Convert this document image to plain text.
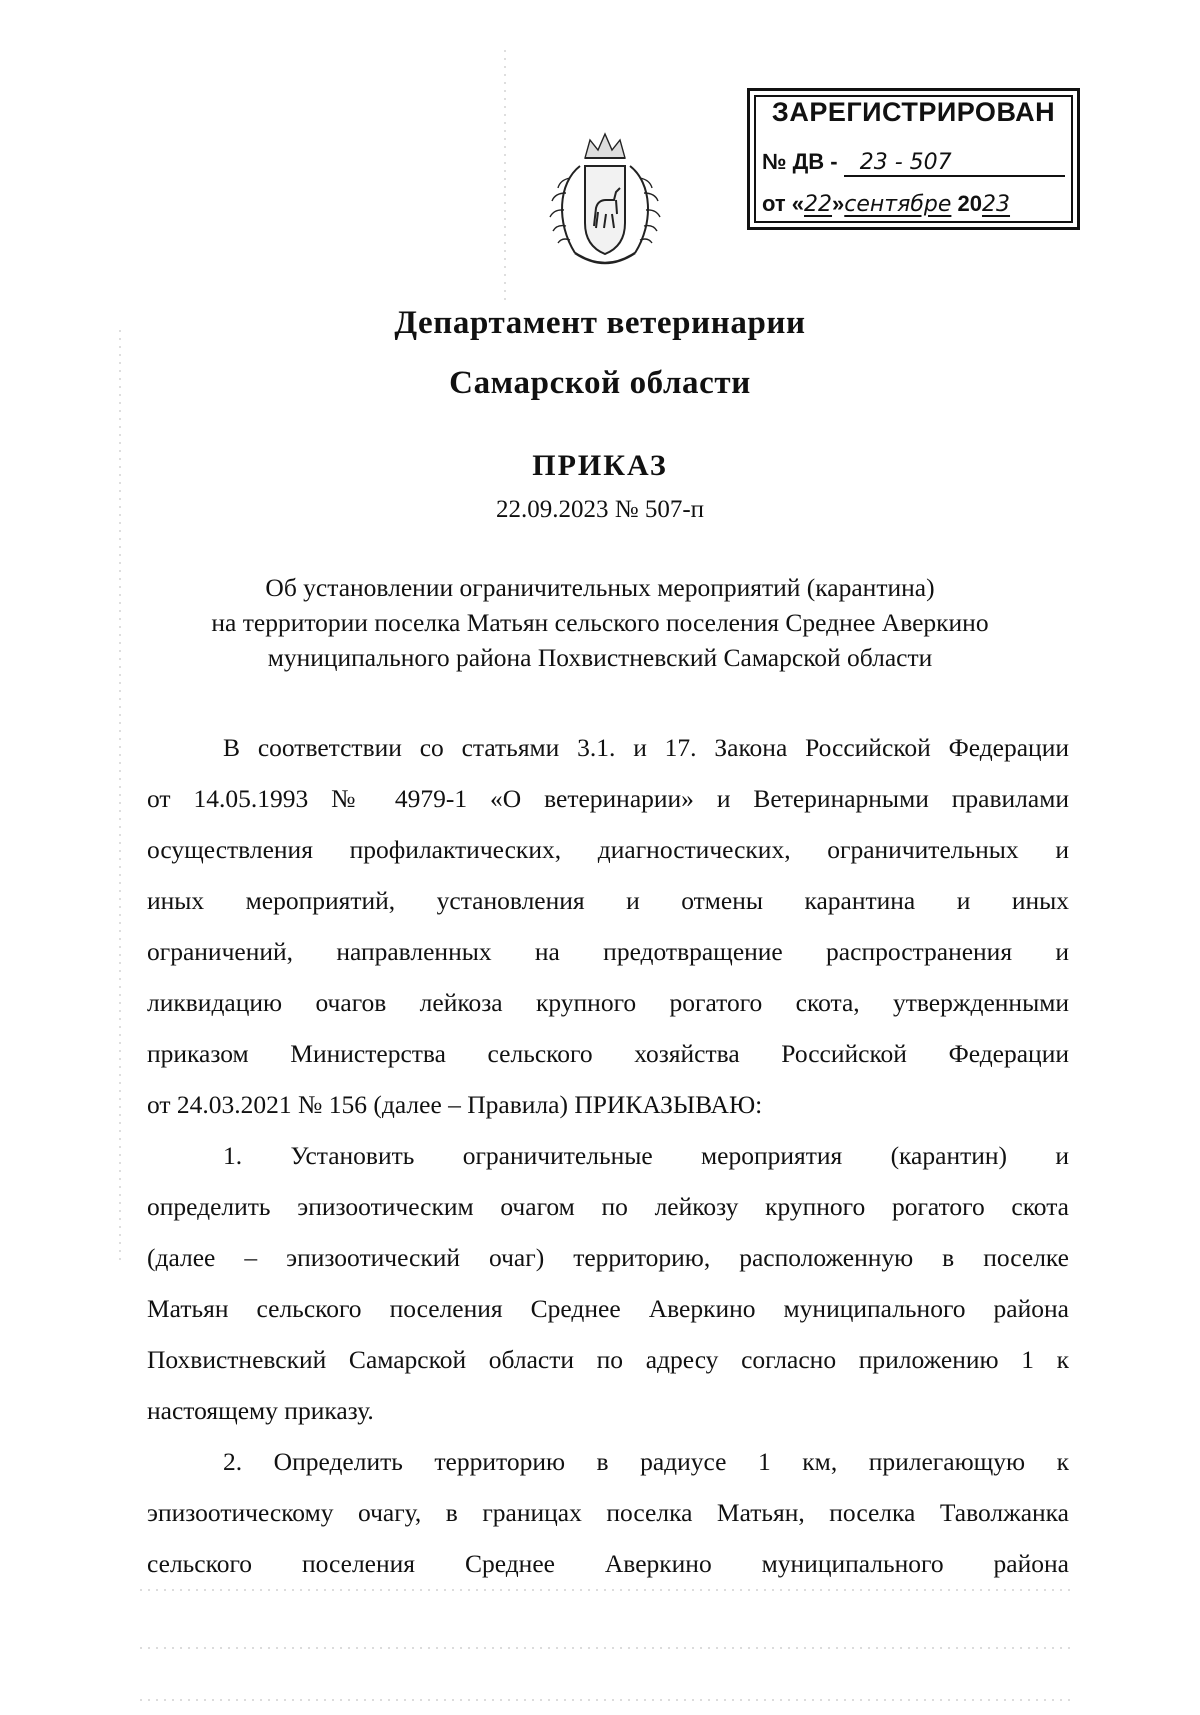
ЗАРЕГИСТРИРОВАН
№ ДВ - 23 - 507
от «22»сентябре 2023
Департамент ветеринарии
Самарской области
ПРИКАЗ
22.09.2023 № 507-п
Об установлении ограничительных мероприятий (карантина)
на территории поселка Матьян сельского поселения Среднее Аверкино
муниципального района Похвистневский Самарской области
В соответствии со статьями 3.1. и 17. Закона Российской Федерации
от 14.05.1993 № 4979-1 «О ветеринарии» и Ветеринарными правилами
осуществления профилактических, диагностических, ограничительных и
иных мероприятий, установления и отмены карантина и иных
ограничений, направленных на предотвращение распространения и
ликвидацию очагов лейкоза крупного рогатого скота, утвержденными
приказом Министерства сельского хозяйства Российской Федерации
от 24.03.2021 № 156 (далее – Правила) ПРИКАЗЫВАЮ:
1. Установить ограничительные мероприятия (карантин) и
определить эпизоотическим очагом по лейкозу крупного рогатого скота
(далее – эпизоотический очаг) территорию, расположенную в поселке
Матьян сельского поселения Среднее Аверкино муниципального района
Похвистневский Самарской области по адресу согласно приложению 1 к
настоящему приказу.
2. Определить территорию в радиусе 1 км, прилегающую к
эпизоотическому очагу, в границах поселка Матьян, поселка Таволжанка
сельского поселения Среднее Аверкино муниципального района
